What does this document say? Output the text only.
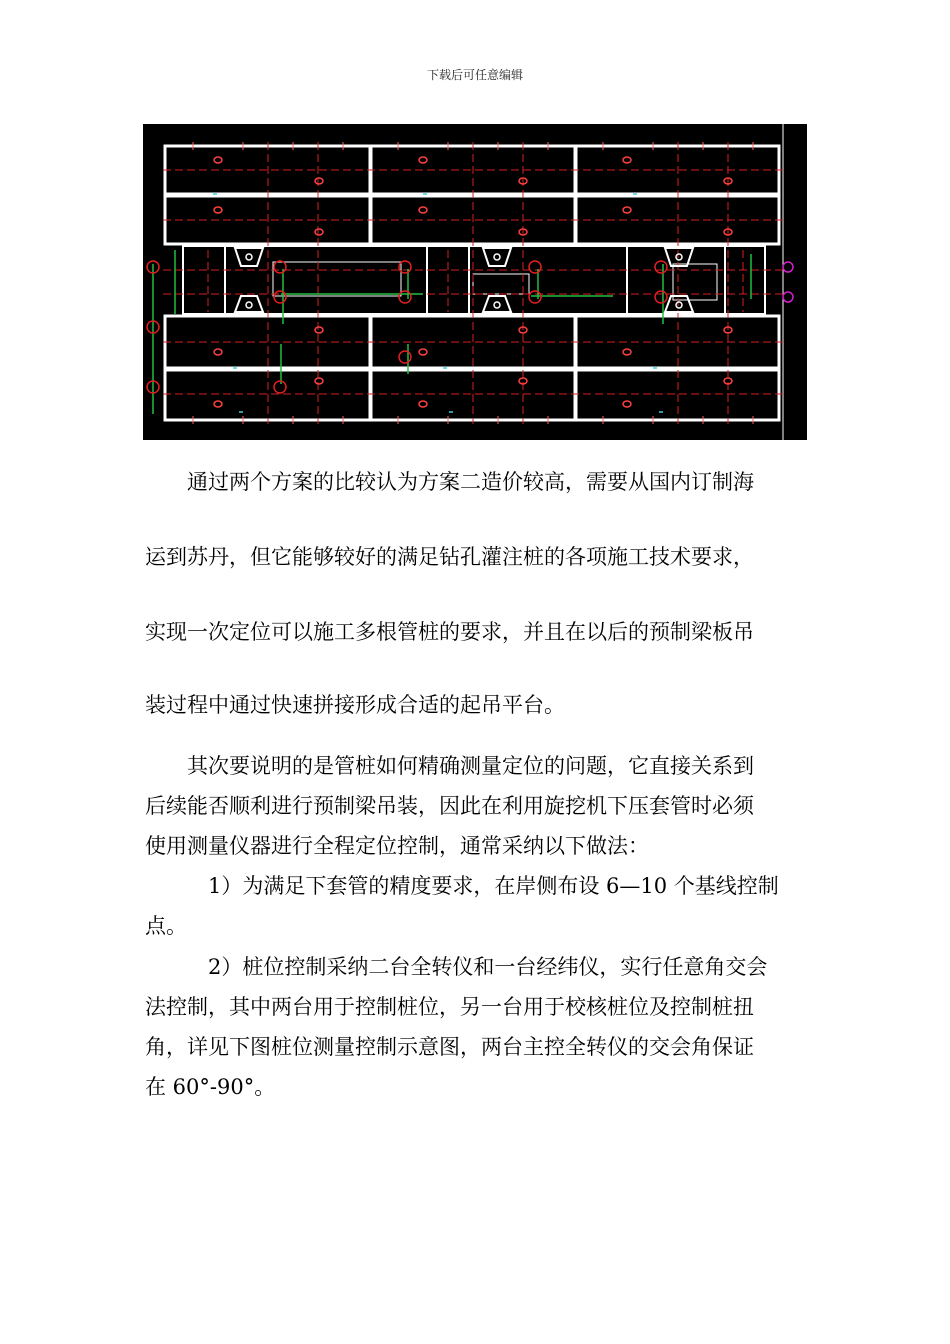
下载后可任意编辑

　　通过两个方案的比较认为方案二造价较高，需要从国内订制海

运到苏丹，但它能够较好的满足钻孔灌注桩的各项施工技术要求，

实现一次定位可以施工多根管桩的要求，并且在以后的预制梁板吊

装过程中通过快速拼接形成合适的起吊平台。

　　其次要说明的是管桩如何精确测量定位的问题，它直接关系到

后续能否顺利进行预制梁吊装，因此在利用旋挖机下压套管时必须

使用测量仪器进行全程定位控制，通常采纳以下做法：

　　　1）为满足下套管的精度要求，在岸侧布设 6—10 个基线控制

点。

　　　2）桩位控制采纳二台全转仪和一台经纬仪，实行任意角交会

法控制，其中两台用于控制桩位，另一台用于校核桩位及控制桩扭

角，详见下图桩位测量控制示意图，两台主控全转仪的交会角保证

在 60°-90°。
